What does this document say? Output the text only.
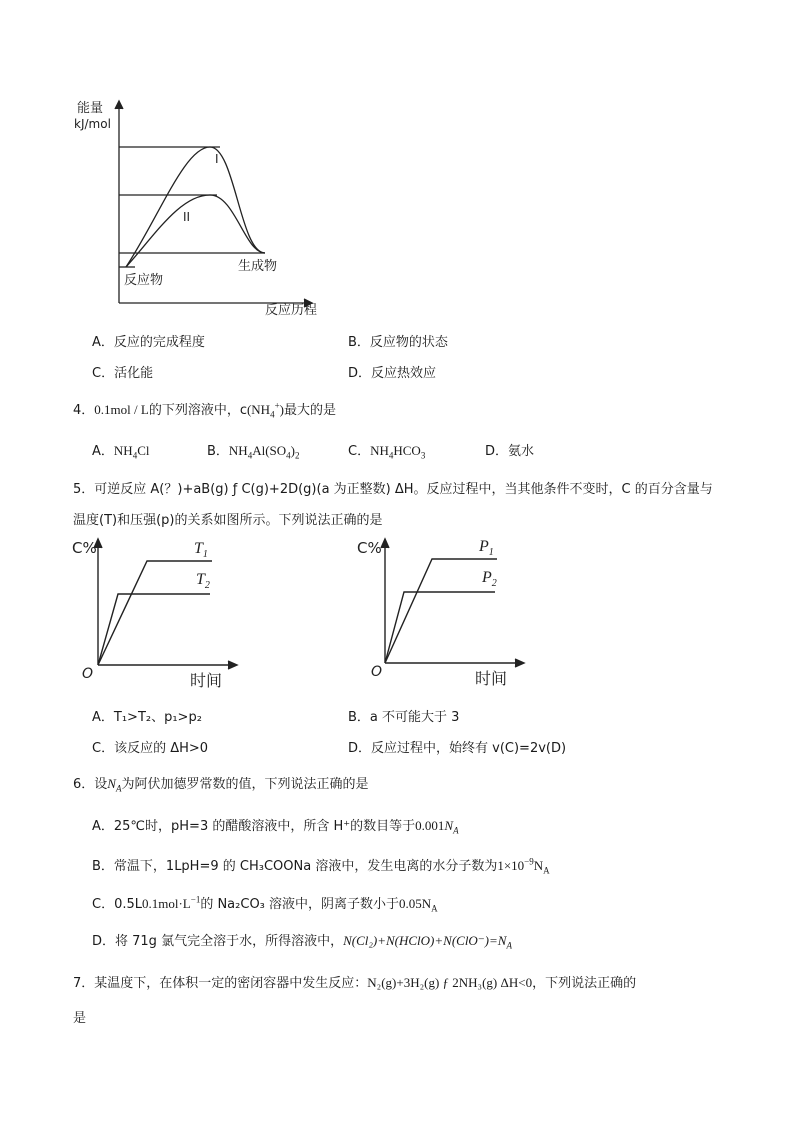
能量
kJ/mol
I
II
生成物
反应物
反应历程
A．反应的完成程度	B．反应物的状态
C．活化能	D．反应热效应
4．0.1mol / L的下列溶液中，$c(NH_4^+)$最大的是
A．$NH_4Cl$	B．$NH_4Al(SO_4)_2$	C．$NH_4HCO_3$	D．氨水
5．可逆反应 A(？)+aB(g) ƒ C(g)+2D(g)(a 为正整数) ΔH。反应过程中，当其他条件不变时，C 的百分含量与
温度(T)和压强(p)的关系如图所示。下列说法正确的是
C%
O	时间
$T_1$
$T_2$
C%
O	时间
$P_1$
$P_2$
A．T₁>T₂、p₁>p₂	B．a 不可能大于 3
C．该反应的 ΔH>0	D．反应过程中，始终有 v(C)=2v(D)
6．设$N_A$为阿伏加德罗常数的值，下列说法正确的是
A．25℃时，pH=3 的醋酸溶液中，所含 H⁺的数目等于$0.001N_A$
B．常温下，1LpH=9 的 CH₃COONa 溶液中，发生电离的水分子数为$1\times 10^{-9}N_A$
C．$0.5L0.1mol\cdot L^{-1}$的 Na₂CO₃ 溶液中，阴离子数小于$0.05N_A$
D．将 71g 氯气完全溶于水，所得溶液中，$N(Cl_2)+N(HClO)+N(ClO^-)=N_A$
7．某温度下，在体积一定的密闭容器中发生反应：N₂(g)+3H₂(g) ƒ 2NH₃(g) ΔH<0，下列说法正确的
是
